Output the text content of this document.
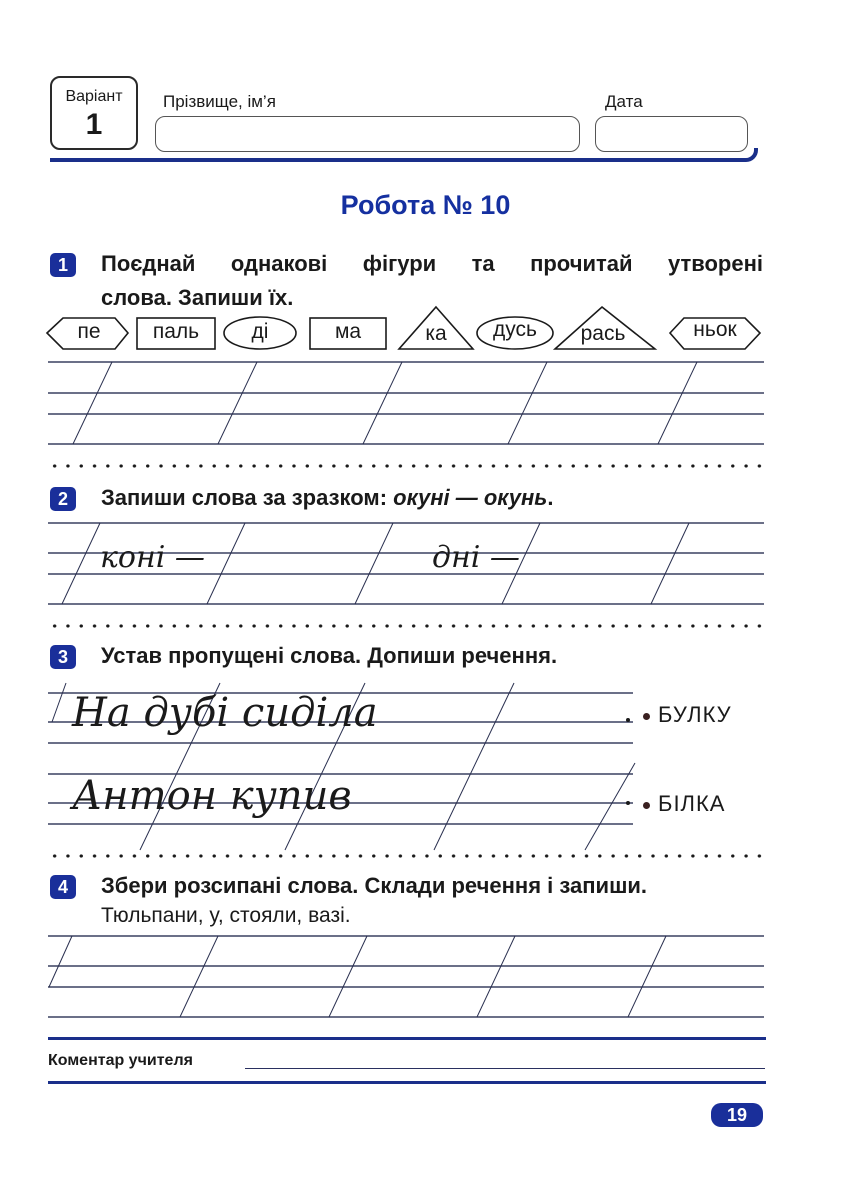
Варіант
1
Прізвище, ім’я	Дата
Робота № 10
1	Поєднай однакові фігури та прочитай утворені
слова. Запиши їх.
пе	паль	ді	ма	ка	дусь	рась	ньок
2	Запиши слова за зразком: окуні — окунь.
коні —	дні —
3	Устав пропущені слова. Допиши речення.
На дубі сиділа
Антон купив
БУЛКУ
БІЛКА
4	Збери розсипані слова. Склади речення і запиши.
Тюльпани, у, стояли, вазі.
Коментар учителя
19
